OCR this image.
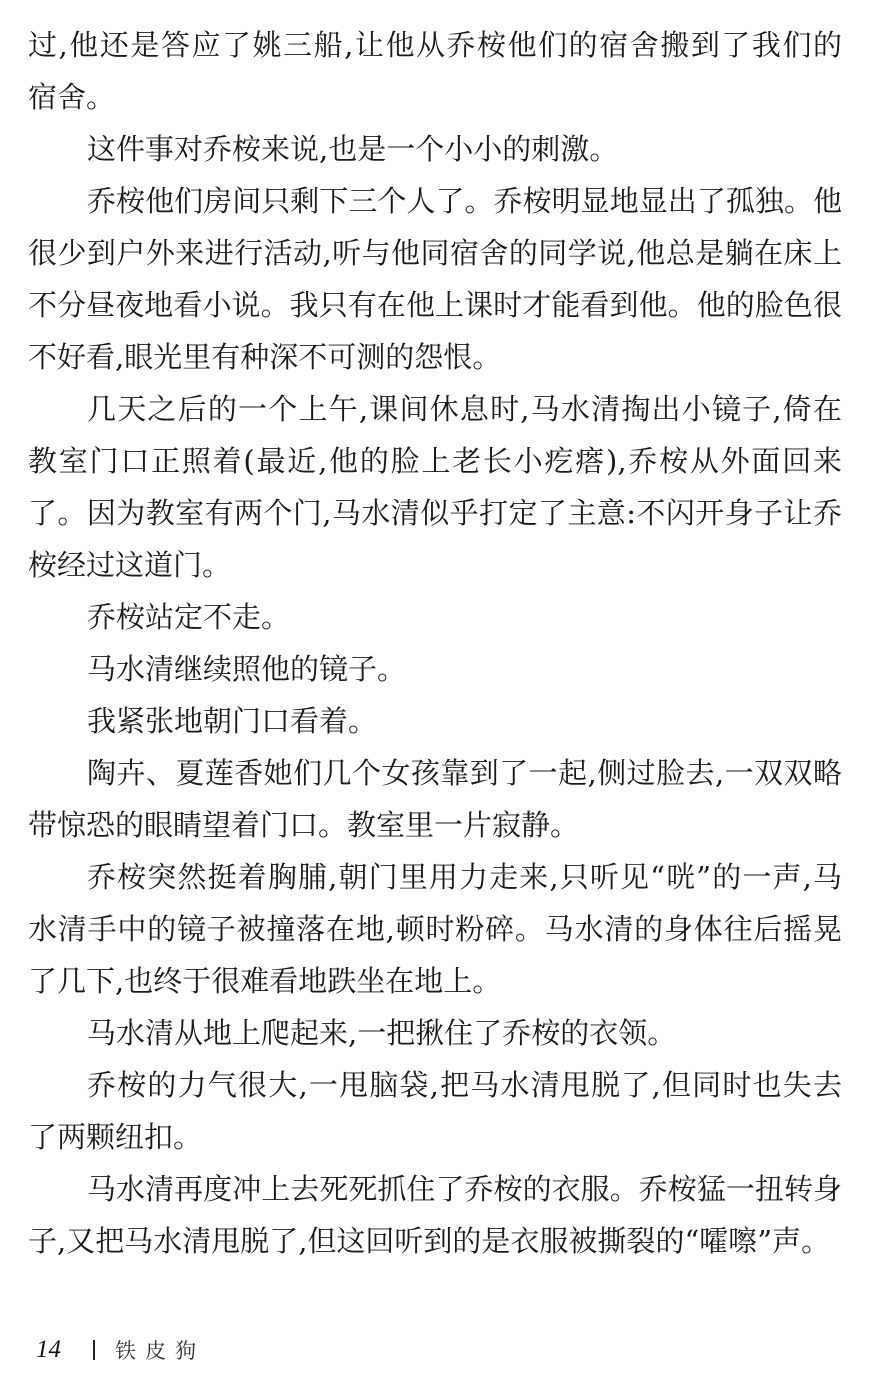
过,他还是答应了姚三船,让他从乔桉他们的宿舍搬到了我们的
宿舍。
这件事对乔桉来说,也是一个小小的刺激。
乔桉他们房间只剩下三个人了。乔桉明显地显出了孤独。他
很少到户外来进行活动,听与他同宿舍的同学说,他总是躺在床上
不分昼夜地看小说。我只有在他上课时才能看到他。他的脸色很
不好看,眼光里有种深不可测的怨恨。
几天之后的一个上午,课间休息时,马水清掏出小镜子,倚在
教室门口正照着(最近,他的脸上老长小疙瘩),乔桉从外面回来
了。因为教室有两个门,马水清似乎打定了主意:不闪开身子让乔
桉经过这道门。
乔桉站定不走。
马水清继续照他的镜子。
我紧张地朝门口看着。
陶卉、夏莲香她们几个女孩靠到了一起,侧过脸去,一双双略
带惊恐的眼睛望着门口。教室里一片寂静。
乔桉突然挺着胸脯,朝门里用力走来,只听见“咣”的一声,马
水清手中的镜子被撞落在地,顿时粉碎。马水清的身体往后摇晃
了几下,也终于很难看地跌坐在地上。
马水清从地上爬起来,一把揪住了乔桉的衣领。
乔桉的力气很大,一甩脑袋,把马水清甩脱了,但同时也失去
了两颗纽扣。
马水清再度冲上去死死抓住了乔桉的衣服。乔桉猛一扭转身
子,又把马水清甩脱了,但这回听到的是衣服被撕裂的“嚯嚓”声。
14	铁皮狗
